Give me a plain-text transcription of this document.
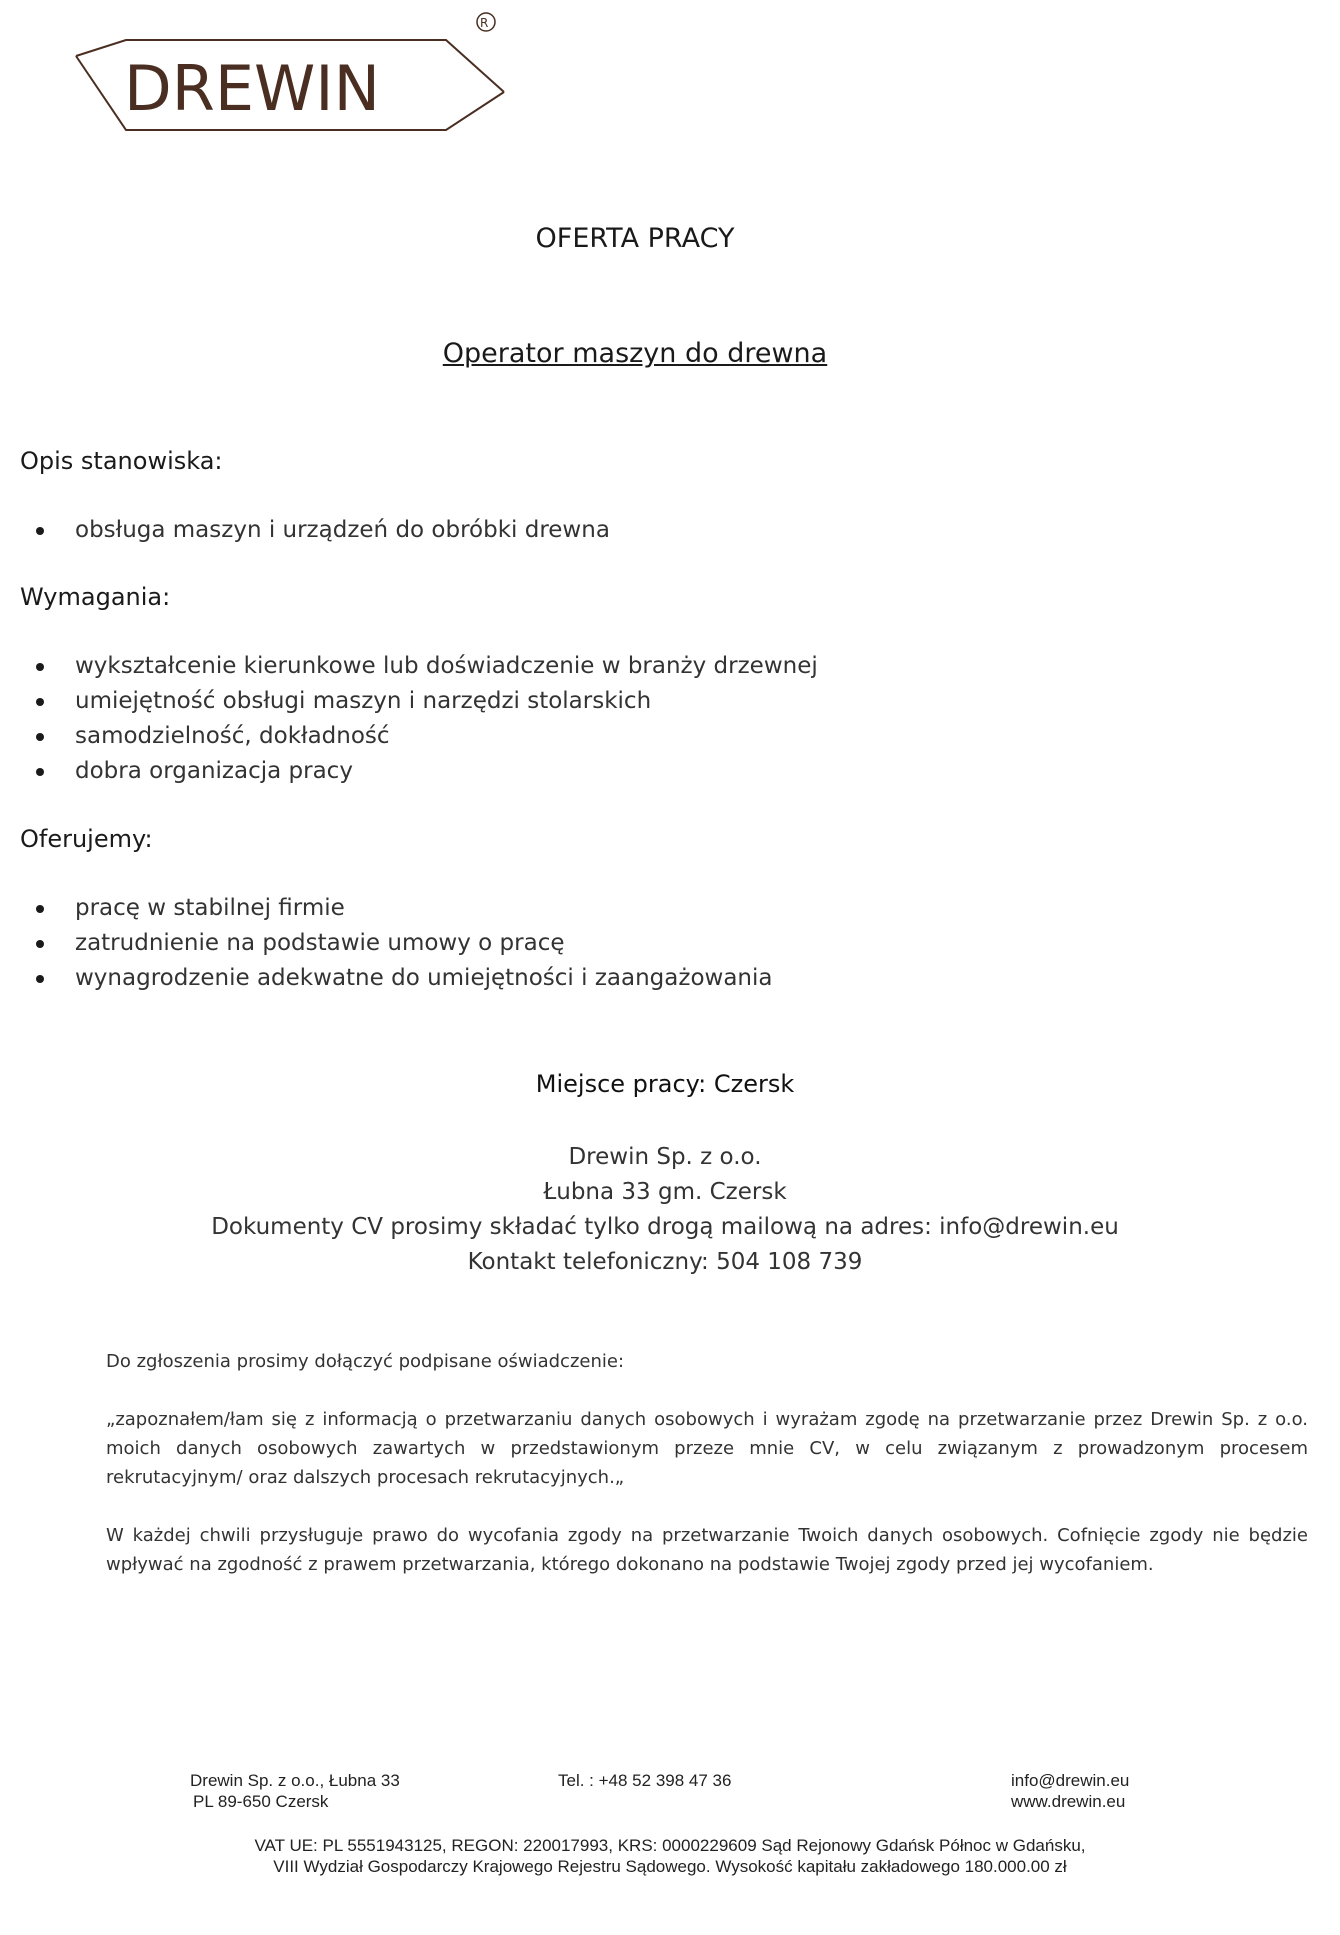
DREWIN
R
OFERTA PRACY
Operator maszyn do drewna
Opis stanowiska:
obsługa maszyn i urządzeń do obróbki drewna
Wymagania:
wykształcenie kierunkowe lub doświadczenie w branży drzewnej
umiejętność obsługi maszyn i narzędzi stolarskich
samodzielność, dokładność
dobra organizacja pracy
Oferujemy:
pracę w stabilnej firmie
zatrudnienie na podstawie umowy o pracę
wynagrodzenie adekwatne do umiejętności i zaangażowania
Miejsce pracy: Czersk
Drewin Sp. z o.o.
Łubna 33 gm. Czersk
Dokumenty CV prosimy składać tylko drogą mailową na adres: info@drewin.eu
Kontakt telefoniczny: 504 108 739
Do zgłoszenia prosimy dołączyć podpisane oświadczenie:
„zapoznałem/łam się z informacją o przetwarzaniu danych osobowych i wyrażam zgodę na przetwarzanie przez Drewin Sp. z o.o. moich danych osobowych zawartych w przedstawionym przeze mnie CV, w celu związanym z prowadzonym procesem rekrutacyjnym/ oraz dalszych procesach rekrutacyjnych.„
W każdej chwili przysługuje prawo do wycofania zgody na przetwarzanie Twoich danych osobowych. Cofnięcie zgody nie będzie wpływać na zgodność z prawem przetwarzania, którego dokonano na podstawie Twojej zgody przed jej wycofaniem.
Drewin Sp. z o.o., Łubna 33
PL 89-650 Czersk
Tel. : +48 52 398 47 36	info@drewin.eu
www.drewin.eu
VAT UE: PL 5551943125, REGON: 220017993, KRS: 0000229609 Sąd Rejonowy Gdańsk Północ w Gdańsku,
VIII Wydział Gospodarczy Krajowego Rejestru Sądowego. Wysokość kapitału zakładowego 180.000.00 zł
